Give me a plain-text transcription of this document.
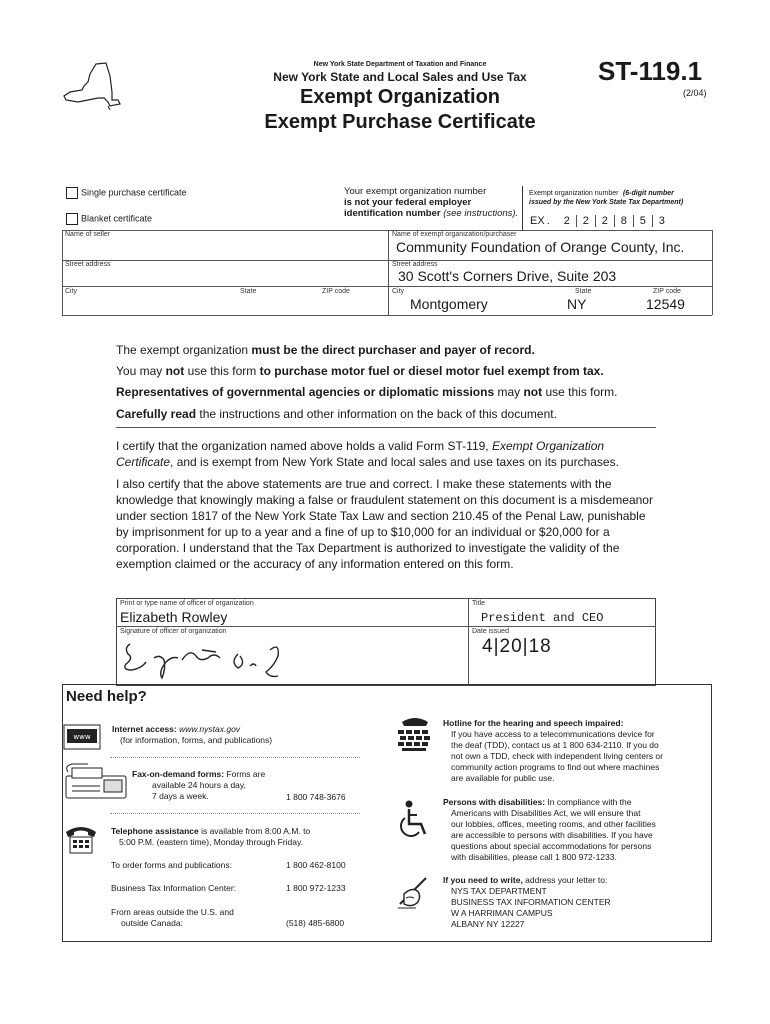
New York State Department of Taxation and Finance
New York State and Local Sales and Use Tax
Exempt Organization
Exempt Purchase Certificate
ST-119.1
(2/04)
Single purchase certificate
Blanket certificate
Your exempt organization number
is not your federal employer
identification number (see instructions).
Exempt organization number (6-digit number
issued by the New York State Tax Department)
EX .	2	2	2	8	5	3
Name of seller
Street address
City	State	ZIP code
Name of exempt organization/purchaser
Community Foundation of Orange County, Inc.
Street address
30 Scott's Corners Drive, Suite 203
City
Montgomery
State
NY
ZIP code
12549
The exempt organization must be the direct purchaser and payer of record.
You may not use this form to purchase motor fuel or diesel motor fuel exempt from tax.
Representatives of governmental agencies or diplomatic missions may not use this form.
Carefully read the instructions and other information on the back of this document.
I certify that the organization named above holds a valid Form ST-119, Exempt Organization Certificate, and is exempt from New York State and local sales and use taxes on its purchases.
I also certify that the above statements are true and correct. I make these statements with the knowledge that knowingly making a false or fraudulent statement on this document is a misdemeanor under section 1817 of the New York State Tax Law and section 210.45 of the Penal Law, punishable by imprisonment for up to a year and a fine of up to $10,000 for an individual or $20,000 for a corporation. I understand that the Tax Department is authorized to investigate the validity of the exemption claimed or the accuracy of any information entered on this form.
Print or type name of officer of organization
Elizabeth Rowley
Title
President and CEO
Signature of officer of organization	Date issued
4|20|18
Need help?
www
Internet access: www.nystax.gov
(for information, forms, and publications)
Fax-on-demand forms: Forms are
available 24 hours a day,
7 days a week.	1 800 748-3676
Telephone assistance is available from 8:00 A.M. to
5:00 P.M. (eastern time), Monday through Friday.
To order forms and publications:	1 800 462-8100
Business Tax Information Center:	1 800 972-1233
From areas outside the U.S. and
outside Canada:	(518) 485-6800
Hotline for the hearing and speech impaired:
If you have access to a telecommunications device for
the deaf (TDD), contact us at 1 800 634-2110. If you do
not own a TDD, check with independent living centers or
community action programs to find out where machines
are available for public use.
Persons with disabilities: In compliance with the
Americans with Disabilities Act, we will ensure that
our lobbies, offices, meeting rooms, and other facilities
are accessible to persons with disabilities. If you have
questions about special accommodations for persons
with disabilities, please call 1 800 972-1233.
If you need to write, address your letter to:
NYS TAX DEPARTMENT
BUSINESS TAX INFORMATION CENTER
W A HARRIMAN CAMPUS
ALBANY NY 12227
